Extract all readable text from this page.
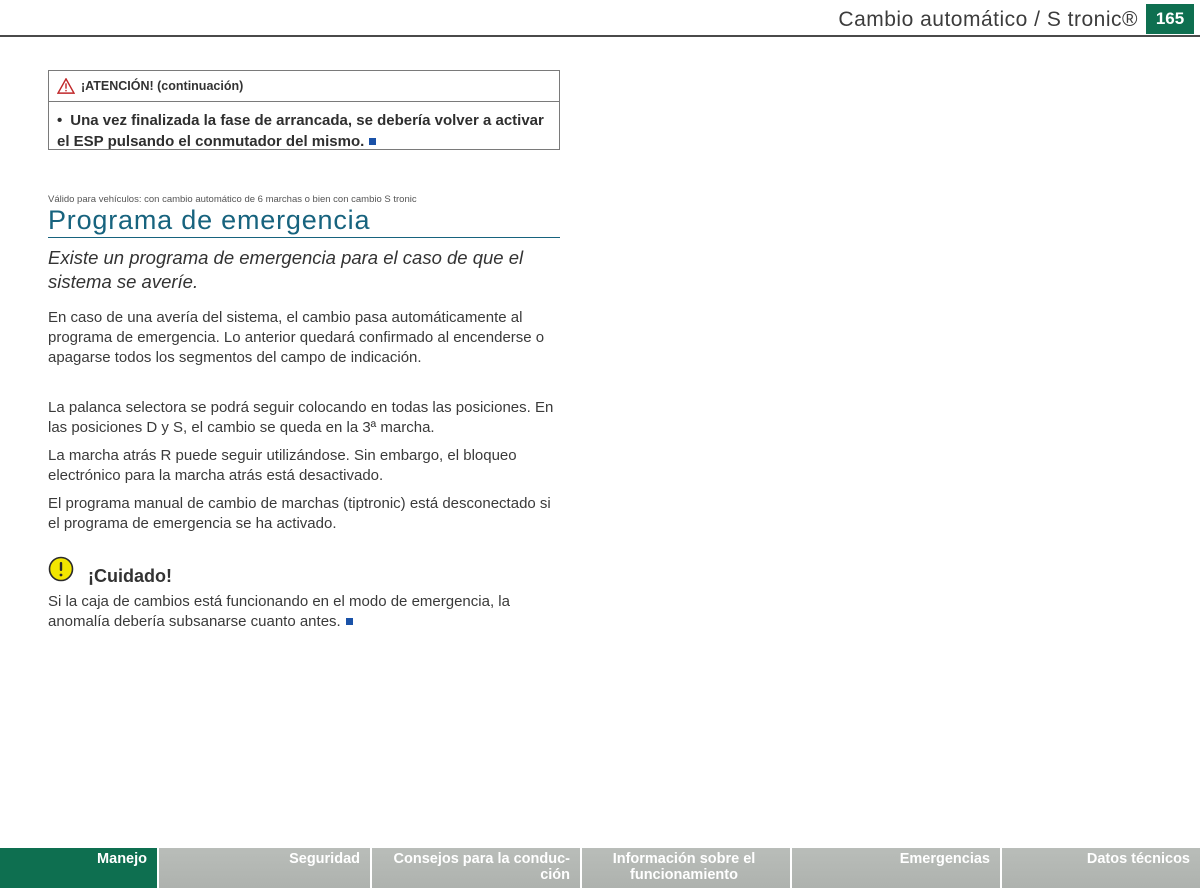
Cambio automático / S tronic®	165
¡ATENCIÓN! (continuación)
• Una vez finalizada la fase de arrancada, se debería volver a activar el ESP pulsando el conmutador del mismo.
Válido para vehículos: con cambio automático de 6 marchas o bien con cambio S tronic
Programa de emergencia
Existe un programa de emergencia para el caso de que el sistema se averíe.
En caso de una avería del sistema, el cambio pasa automáticamente al programa de emergencia. Lo anterior quedará confirmado al encenderse o apagarse todos los segmentos del campo de indicación.
La palanca selectora se podrá seguir colocando en todas las posiciones. En las posiciones D y S, el cambio se queda en la 3ª marcha.
La marcha atrás R puede seguir utilizándose. Sin embargo, el bloqueo electrónico para la marcha atrás está desactivado.
El programa manual de cambio de marchas (tiptronic) está desconectado si el programa de emergencia se ha activado.
¡Cuidado!
Si la caja de cambios está funcionando en el modo de emergencia, la anomalía debería subsanarse cuanto antes.
Manejo	Seguridad	Consejos para la conducción
Información sobre el funcionamiento
Emergencias	Datos técnicos
